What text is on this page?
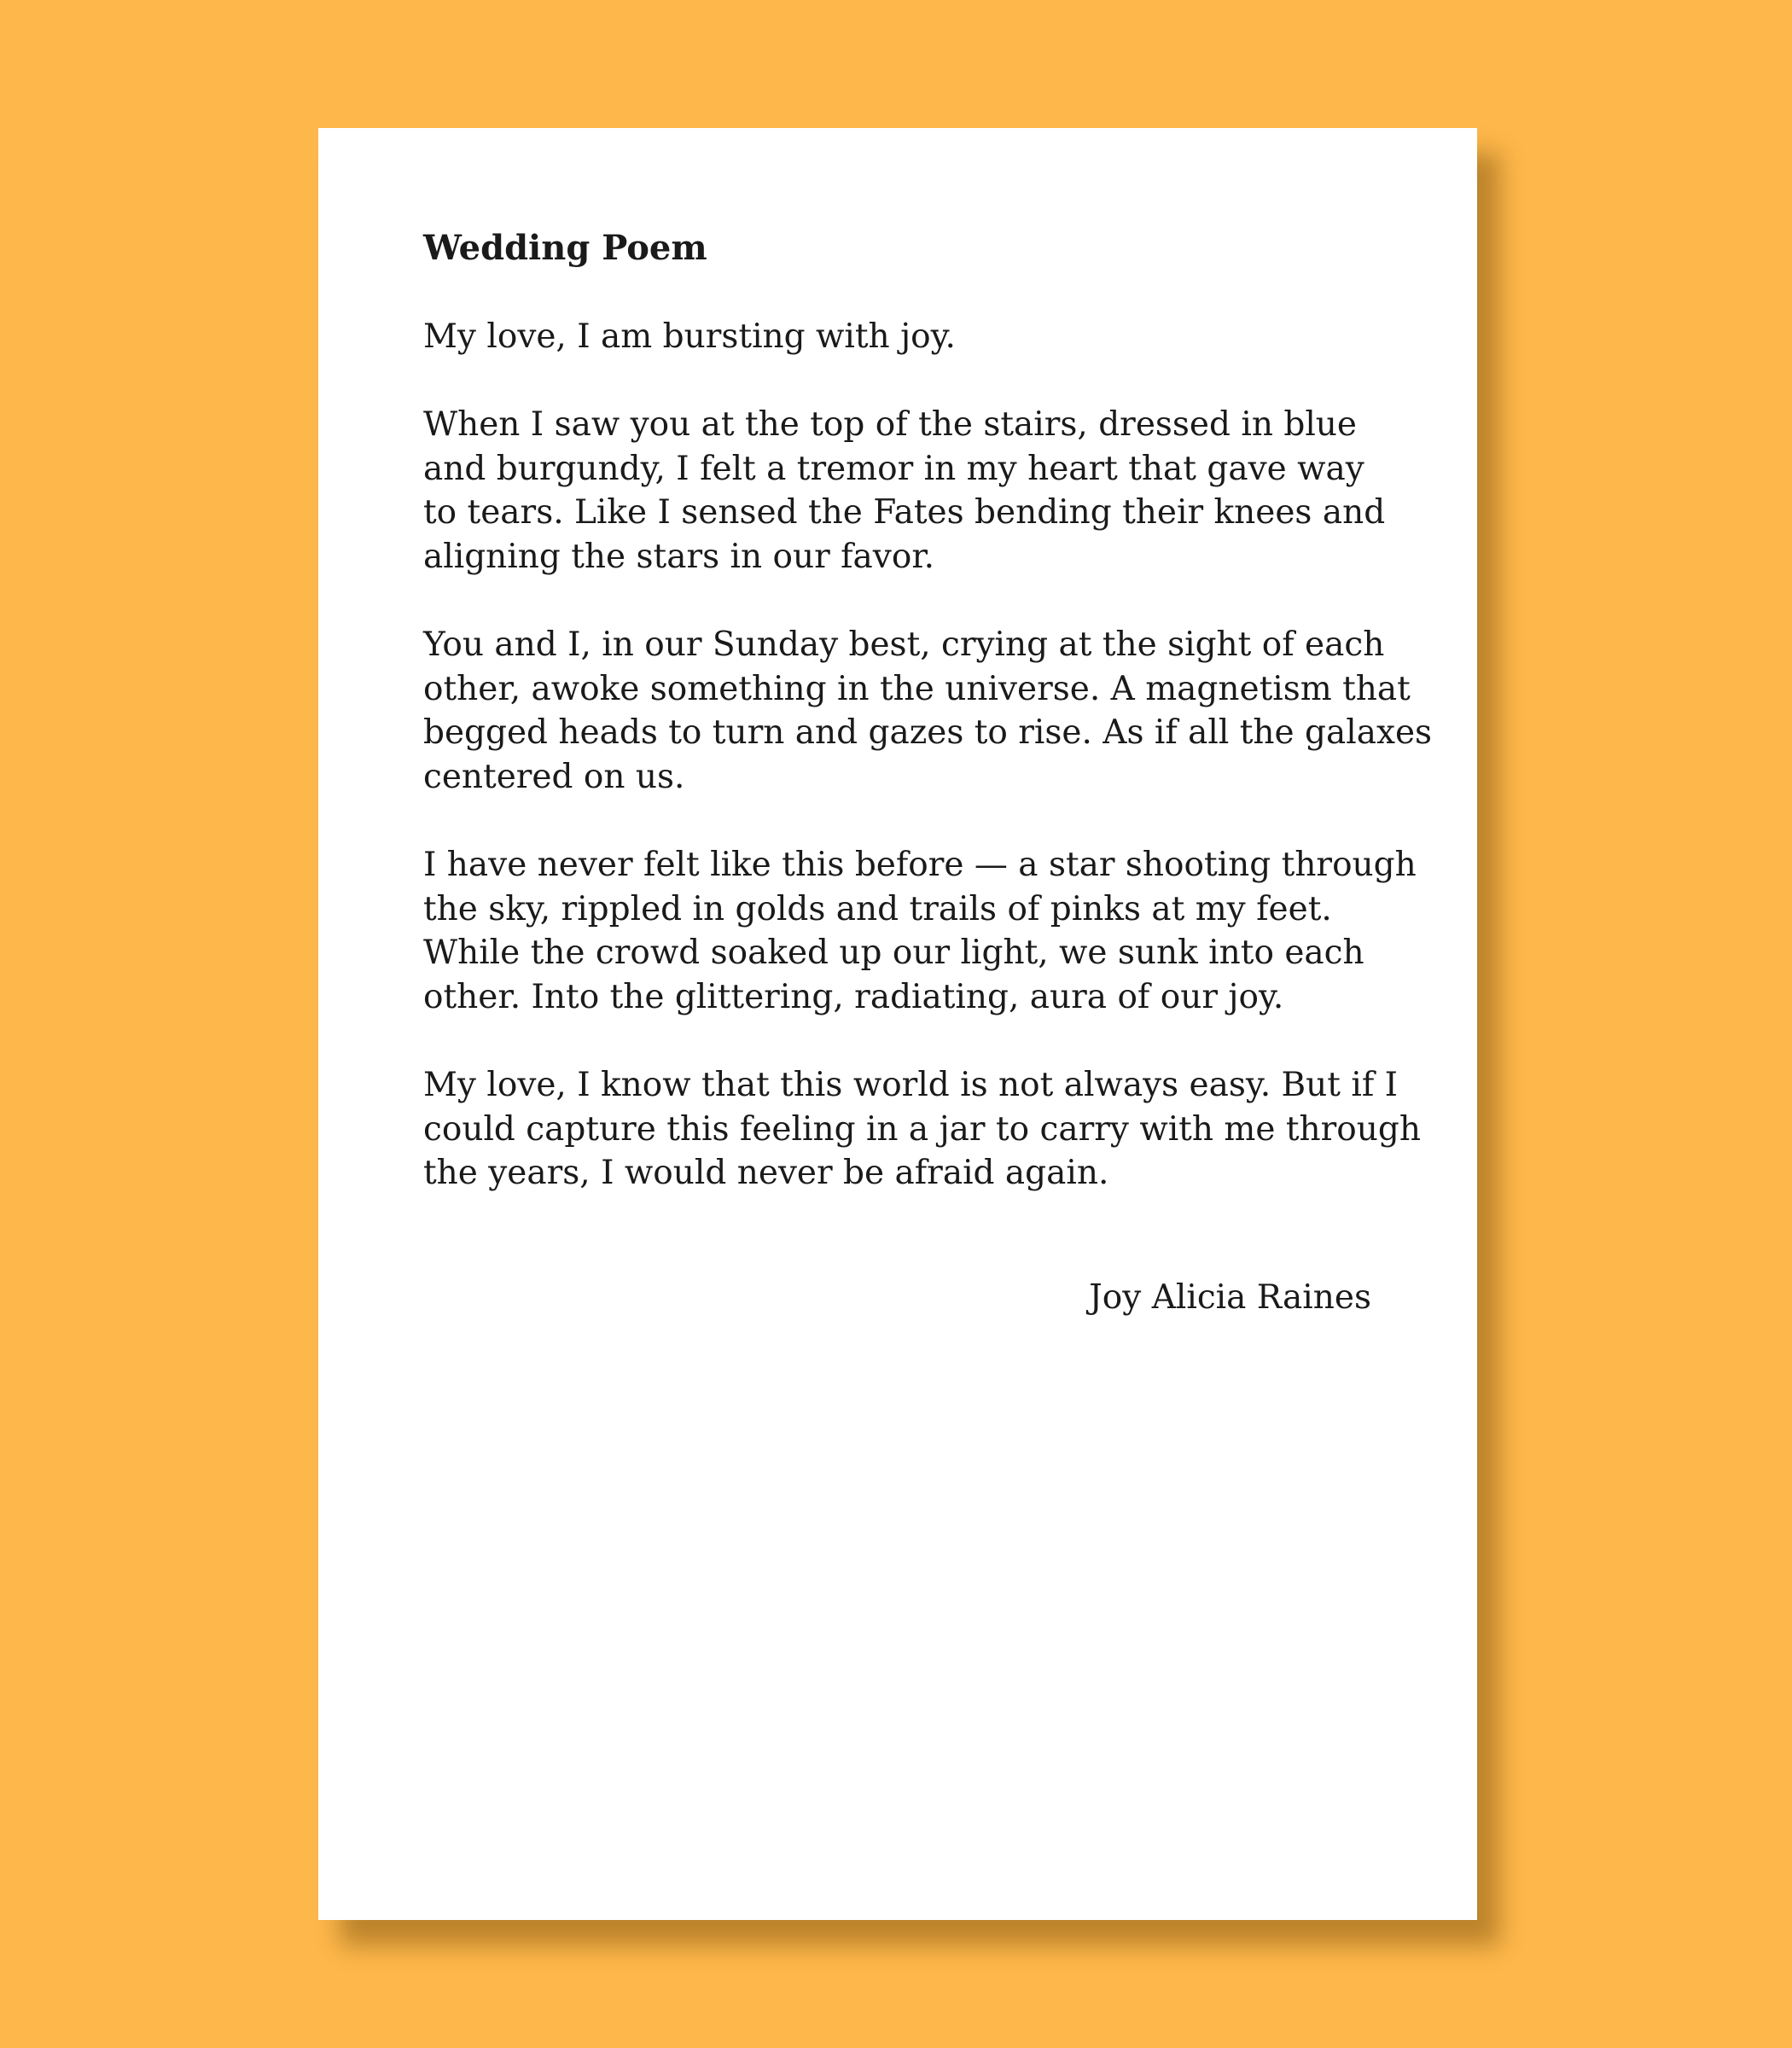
Wedding Poem
My love, I am bursting with joy.
When I saw you at the top of the stairs, dressed in blue
and burgundy, I felt a tremor in my heart that gave way
to tears. Like I sensed the Fates bending their knees and
aligning the stars in our favor.
You and I, in our Sunday best, crying at the sight of each
other, awoke something in the universe. A magnetism that
begged heads to turn and gazes to rise. As if all the galaxes
centered on us.
I have never felt like this before — a star shooting through
the sky, rippled in golds and trails of pinks at my feet.
While the crowd soaked up our light, we sunk into each
other. Into the glittering, radiating, aura of our joy.
My love, I know that this world is not always easy. But if I
could capture this feeling in a jar to carry with me through
the years, I would never be afraid again.
Joy Alicia Raines
